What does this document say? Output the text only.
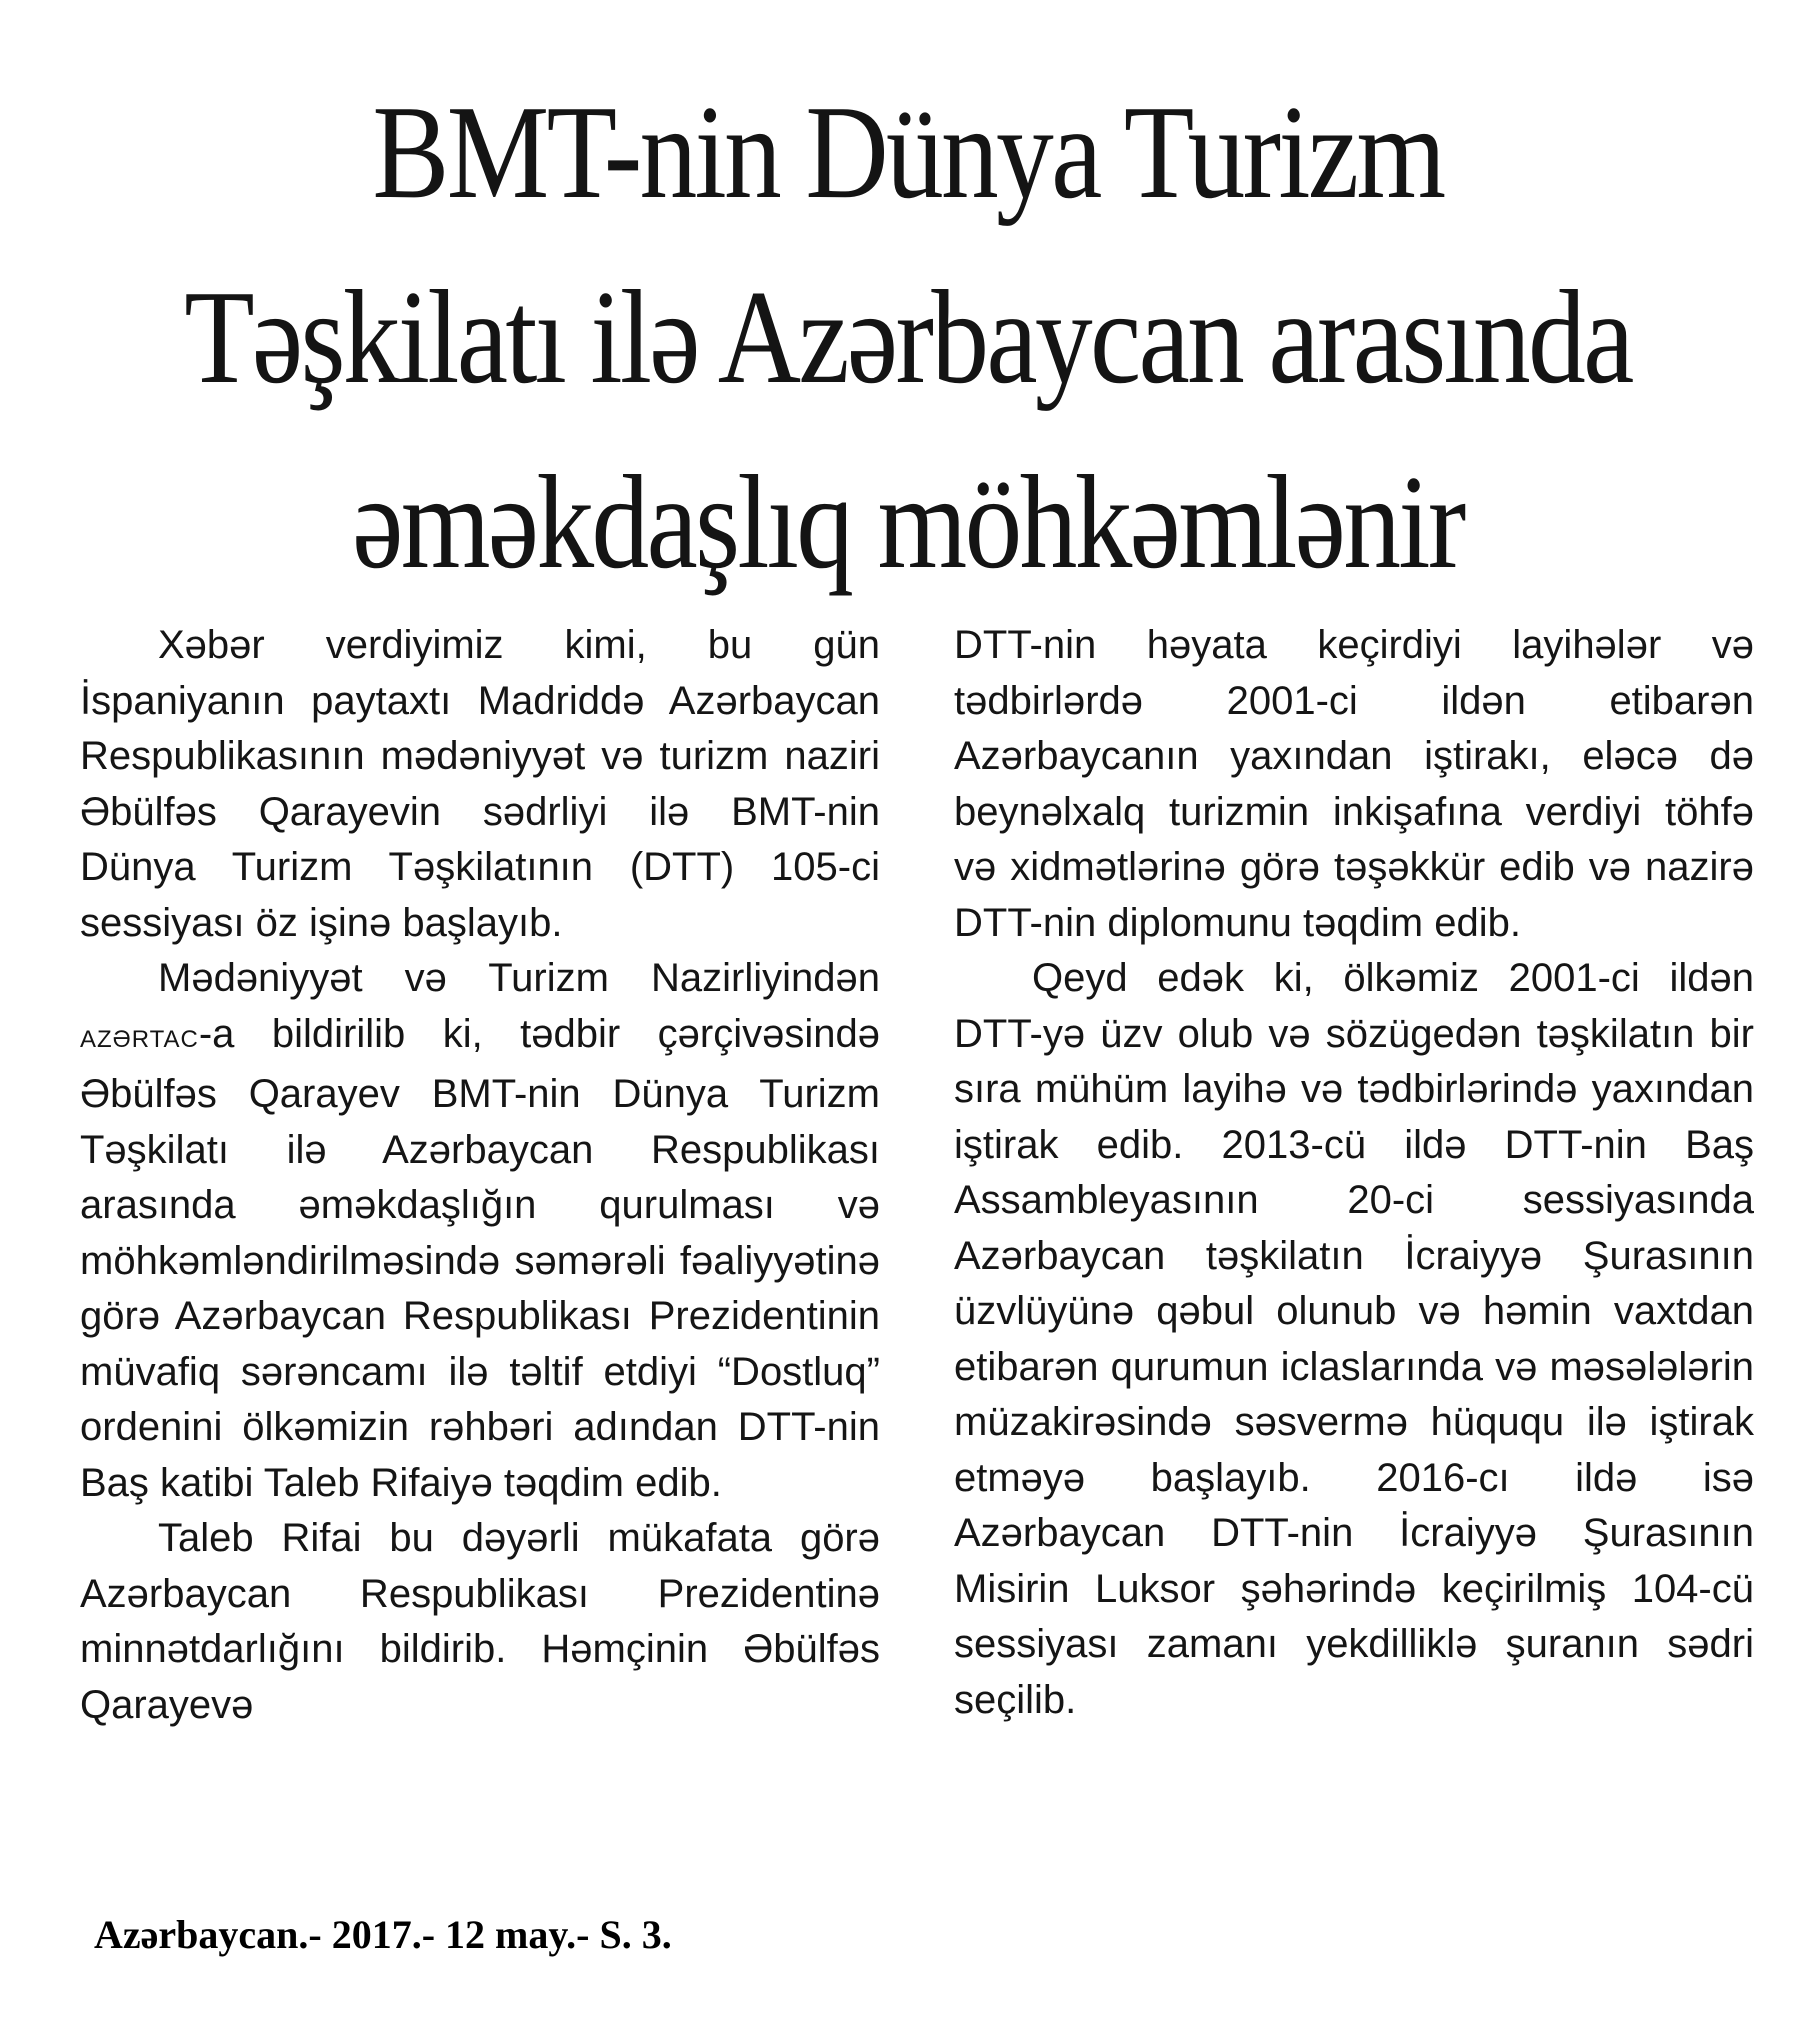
BMT-nin Dünya Turizm
Təşkilatı ilə Azərbaycan arasında
əməkdaşlıq möhkəmlənir

Xəbər verdiyimiz kimi, bu gün İspaniyanın paytaxtı Madriddə Azərbaycan Respublikasının mədəniyyət və turizm naziri Əbülfəs Qarayevin sədrliyi ilə BMT-nin Dünya Turizm Təşkilatının (DTT) 105-ci sessiyası öz işinə başlayıb.

Mədəniyyət və Turizm Nazirliyindən AZƏRTAC-a bildirilib ki, tədbir çərçivəsində Əbülfəs Qarayev BMT-nin Dünya Turizm Təşkilatı ilə Azərbaycan Respublikası arasında əməkdaşlığın qurulması və möhkəmləndirilməsində səmərəli fəaliyyətinə görə Azərbaycan Respublikası Prezidentinin müvafiq sərəncamı ilə təltif etdiyi “Dostluq” ordenini ölkəmizin rəhbəri adından DTT-nin Baş katibi Taleb Rifaiyə təqdim edib.

Taleb Rifai bu dəyərli mükafata görə Azərbaycan Respublikası Prezidentinə minnətdarlığını bildirib. Həmçinin Əbülfəs Qarayevə

DTT-nin həyata keçirdiyi layihələr və tədbirlərdə 2001-ci ildən etibarən Azərbaycanın yaxından iştirakı, eləcə də beynəlxalq turizmin inkişafına verdiyi töhfə və xidmətlərinə görə təşəkkür edib və nazirə DTT-nin diplomunu təqdim edib.

Qeyd edək ki, ölkəmiz 2001-ci ildən DTT-yə üzv olub və sözügedən təşkilatın bir sıra mühüm layihə və tədbirlərində yaxından iştirak edib. 2013-cü ildə DTT-nin Baş Assambleyasının 20-ci sessiyasında Azərbaycan təşkilatın İcraiyyə Şurasının üzvlüyünə qəbul olunub və həmin vaxtdan etibarən qurumun iclaslarında və məsələlərin müzakirəsində səsvermə hüququ ilə iştirak etməyə başlayıb. 2016-cı ildə isə Azərbaycan DTT-nin İcraiyyə Şurasının Misirin Luksor şəhərində keçirilmiş 104-cü sessiyası zamanı yekdilliklə şuranın sədri seçilib.

Azərbaycan.- 2017.- 12 may.- S. 3.
